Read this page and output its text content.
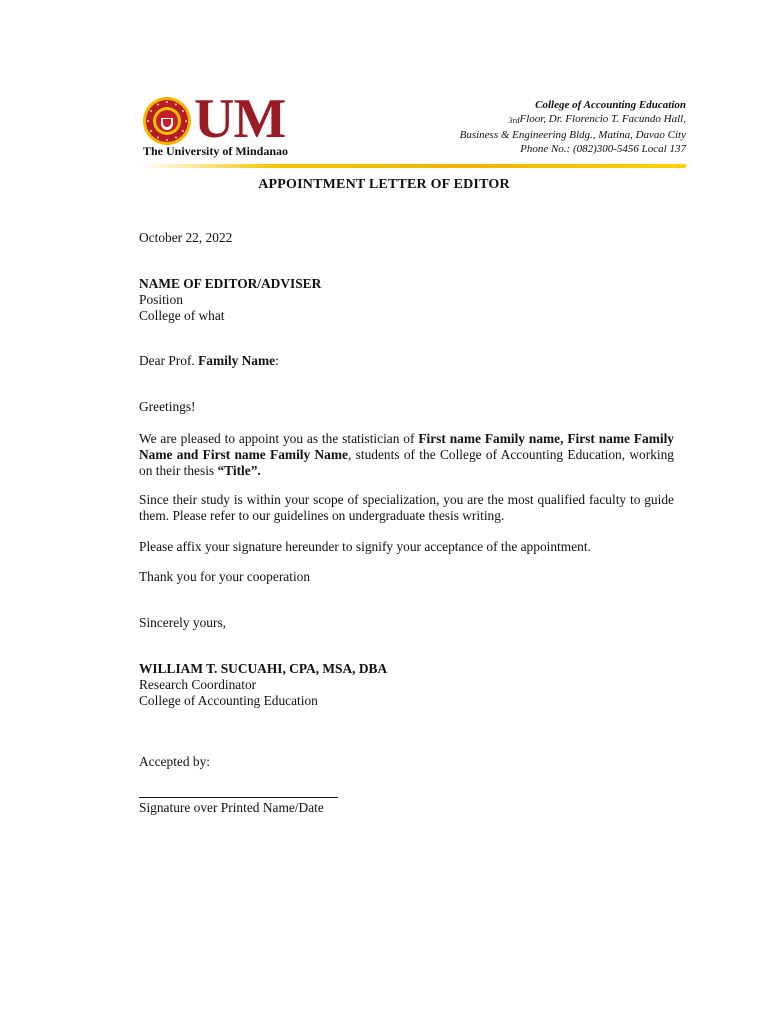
UM
The University of Mindanao
College of Accounting Education
3rdFloor, Dr. Florencio T. Facundo Hall,
Business & Engineering Bldg., Matina, Davao City
Phone No.: (082)300-5456 Local 137
APPOINTMENT LETTER OF EDITOR
October 22, 2022
NAME OF EDITOR/ADVISER
Position
College of what
Dear Prof. Family Name:
Greetings!
We are pleased to appoint you as the statistician of First name Family name, First name Family Name and First name Family Name, students of the College of Accounting Education, working on their thesis “Title”.
Since their study is within your scope of specialization, you are the most qualified faculty to guide them. Please refer to our guidelines on undergraduate thesis writing.
Please affix your signature hereunder to signify your acceptance of the appointment.
Thank you for your cooperation
Sincerely yours,
WILLIAM T. SUCUAHI, CPA, MSA, DBA
Research Coordinator
College of Accounting Education
Accepted by:
Signature over Printed Name/Date
